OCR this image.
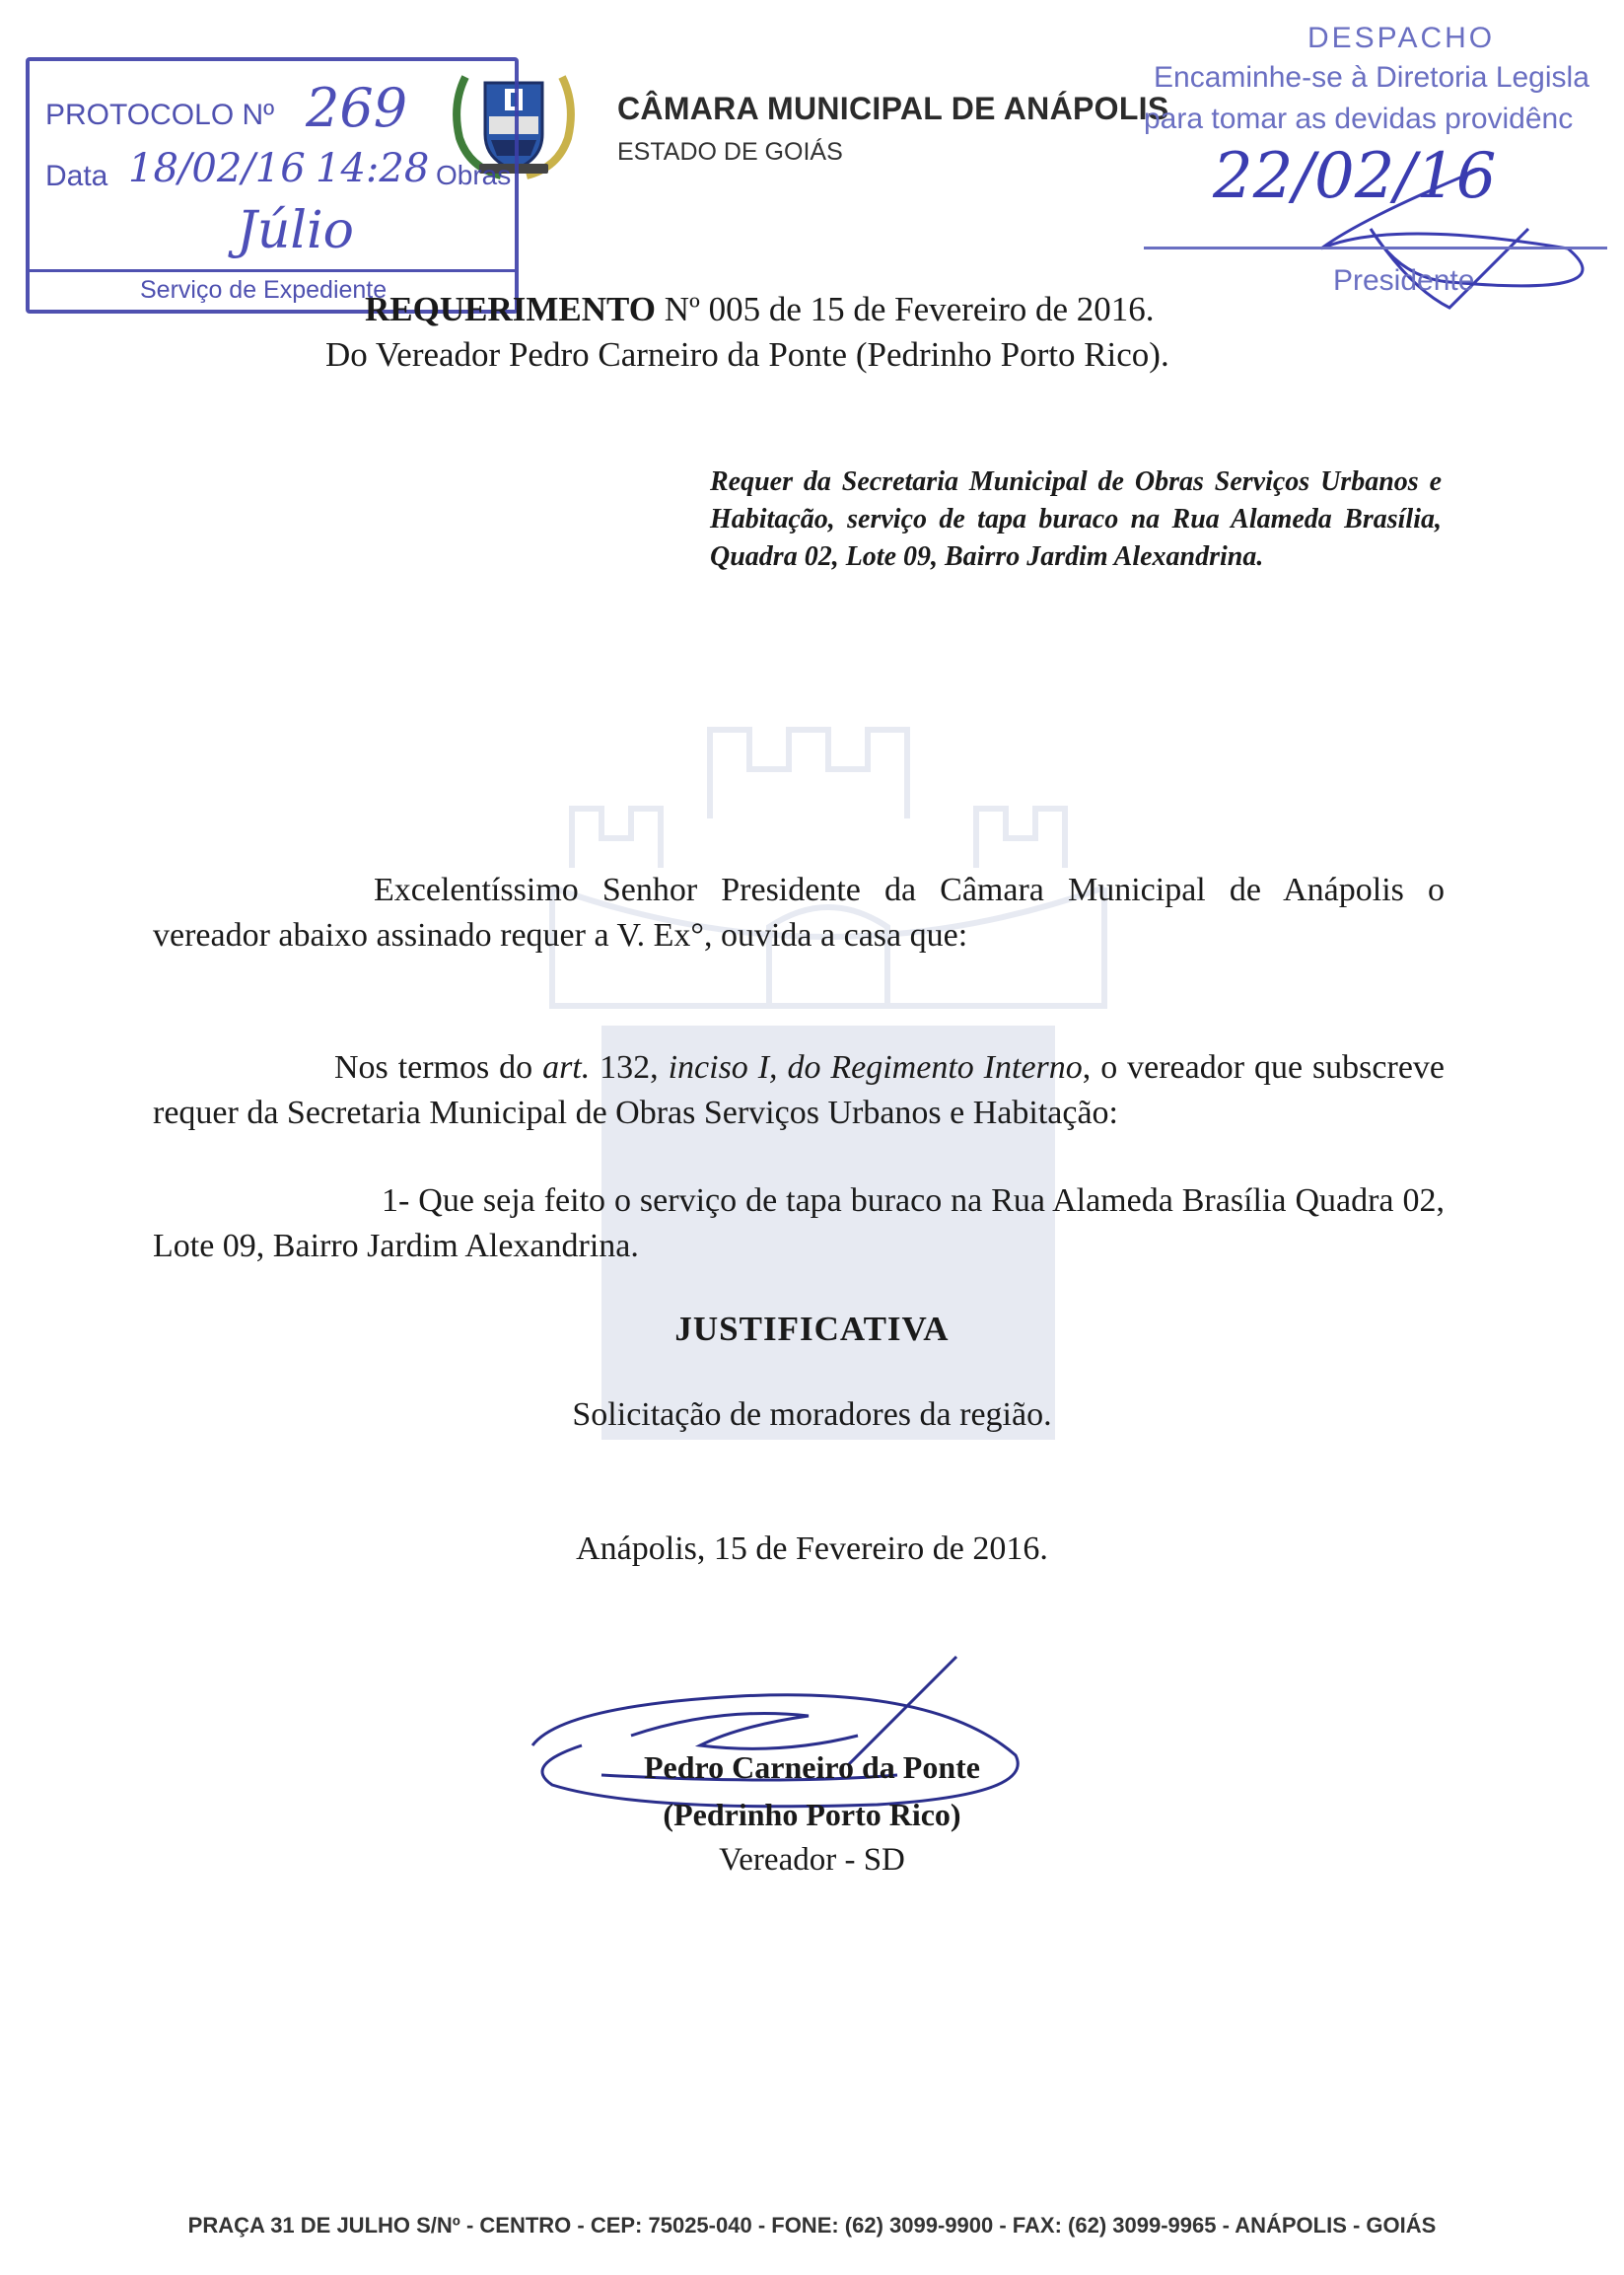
CÂMARA MUNICIPAL DE ANÁPOLIS
ESTADO DE GOIÁS
PROTOCOLO Nº 269
Data 18/02/16 14:28 Obras
Júlio
Serviço de Expediente
DESPACHO
Encaminhe-se à Diretoria Legisla
para tomar as devidas providênc
22/02/16
Presidente
REQUERIMENTO Nº 005 de 15 de Fevereiro de 2016.
Do Vereador Pedro Carneiro da Ponte (Pedrinho Porto Rico).
Requer da Secretaria Municipal de Obras Serviços Urbanos e Habitação, serviço de tapa buraco na Rua Alameda Brasília, Quadra 02, Lote 09, Bairro Jardim Alexandrina.
Excelentíssimo Senhor Presidente da Câmara Municipal de Anápolis o vereador abaixo assinado requer a V. Ex°, ouvida a casa que:
Nos termos do art. 132, inciso I, do Regimento Interno, o vereador que subscreve requer da Secretaria Municipal de Obras Serviços Urbanos e Habitação:
1- Que seja feito o serviço de tapa buraco na Rua Alameda Brasília Quadra 02, Lote 09, Bairro Jardim Alexandrina.
JUSTIFICATIVA
Solicitação de moradores da região.
Anápolis, 15 de Fevereiro de 2016.
Pedro Carneiro da Ponte
(Pedrinho Porto Rico)
Vereador - SD
PRAÇA 31 DE JULHO S/Nº - CENTRO - CEP: 75025-040 - FONE: (62) 3099-9900 - FAX: (62) 3099-9965 - ANÁPOLIS - GOIÁS
